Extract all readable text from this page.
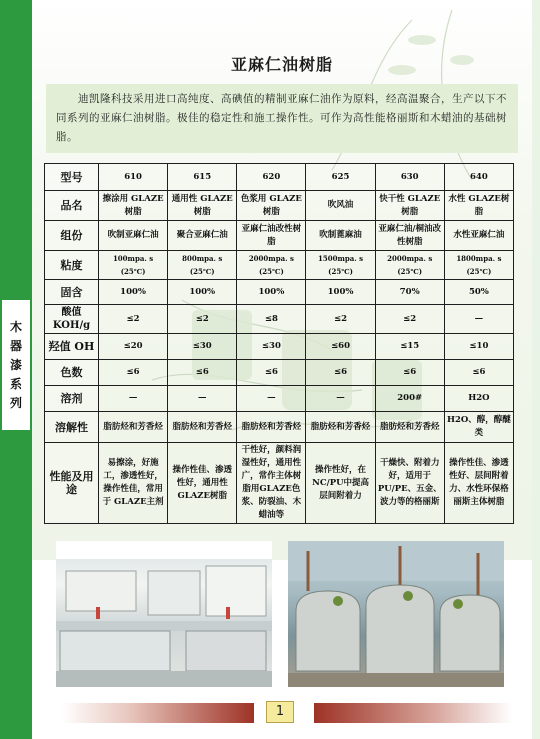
木
器
漆
系
列
亚麻仁油树脂
迪凯隆科技采用进口高纯度、高碘值的精制亚麻仁油作为原料，经高温聚合，生产以下不同系列的亚麻仁油树脂。极佳的稳定性和施工操作性。可作为高性能格丽斯和木蜡油的基础树脂。
型号	610	615	620	625	630	640
品名	擦涂用 GLAZE树脂	通用性 GLAZE树脂	色浆用 GLAZE树脂	吹风油	快干性 GLAZE树脂	水性 GLAZE树脂
组份	吹制亚麻仁油	聚合亚麻仁油	亚麻仁油改性树脂	吹制蓖麻油	亚麻仁油/桐油改性树脂	水性亚麻仁油
粘度	100mpa. s (25℃)	800mpa. s (25℃)	2000mpa. s (25℃)	1500mpa. s (25℃)	2000mpa. s (25℃)	1800mpa. s (25℃)
固含	100%	100%	100%	100%	70%	50%
酸值 KOH/g	≤2	≤2	≤8	≤2	≤2	—
羟值 OH	≤20	≤30	≤30	≤60	≤15	≤10
色数	≤6	≤6	≤6	≤6	≤6	≤6
溶剂	—	—	—	—	200#	H2O
溶解性	脂肪烃和芳香烃	脂肪烃和芳香烃	脂肪烃和芳香烃	脂肪烃和芳香烃	脂肪烃和芳香烃	H2O、醇，醇醚类
性能及用途	易擦涂，好施工，渗透性好，操作性佳，常用于 GLAZE主剂	操作性佳、渗透性好，通用性GLAZE树脂	干性好，颜料润湿性好，通用性广，常作主体树脂用GLAZE色浆、防裂油、木蜡油等	操作性好，在NC/PU中提高层间附着力	干燥快、附着力好，适用于PU/PE、五金、波力等的格丽斯	操作性佳、渗透性好、层间附着力、水性环保格丽斯主体树脂
1
